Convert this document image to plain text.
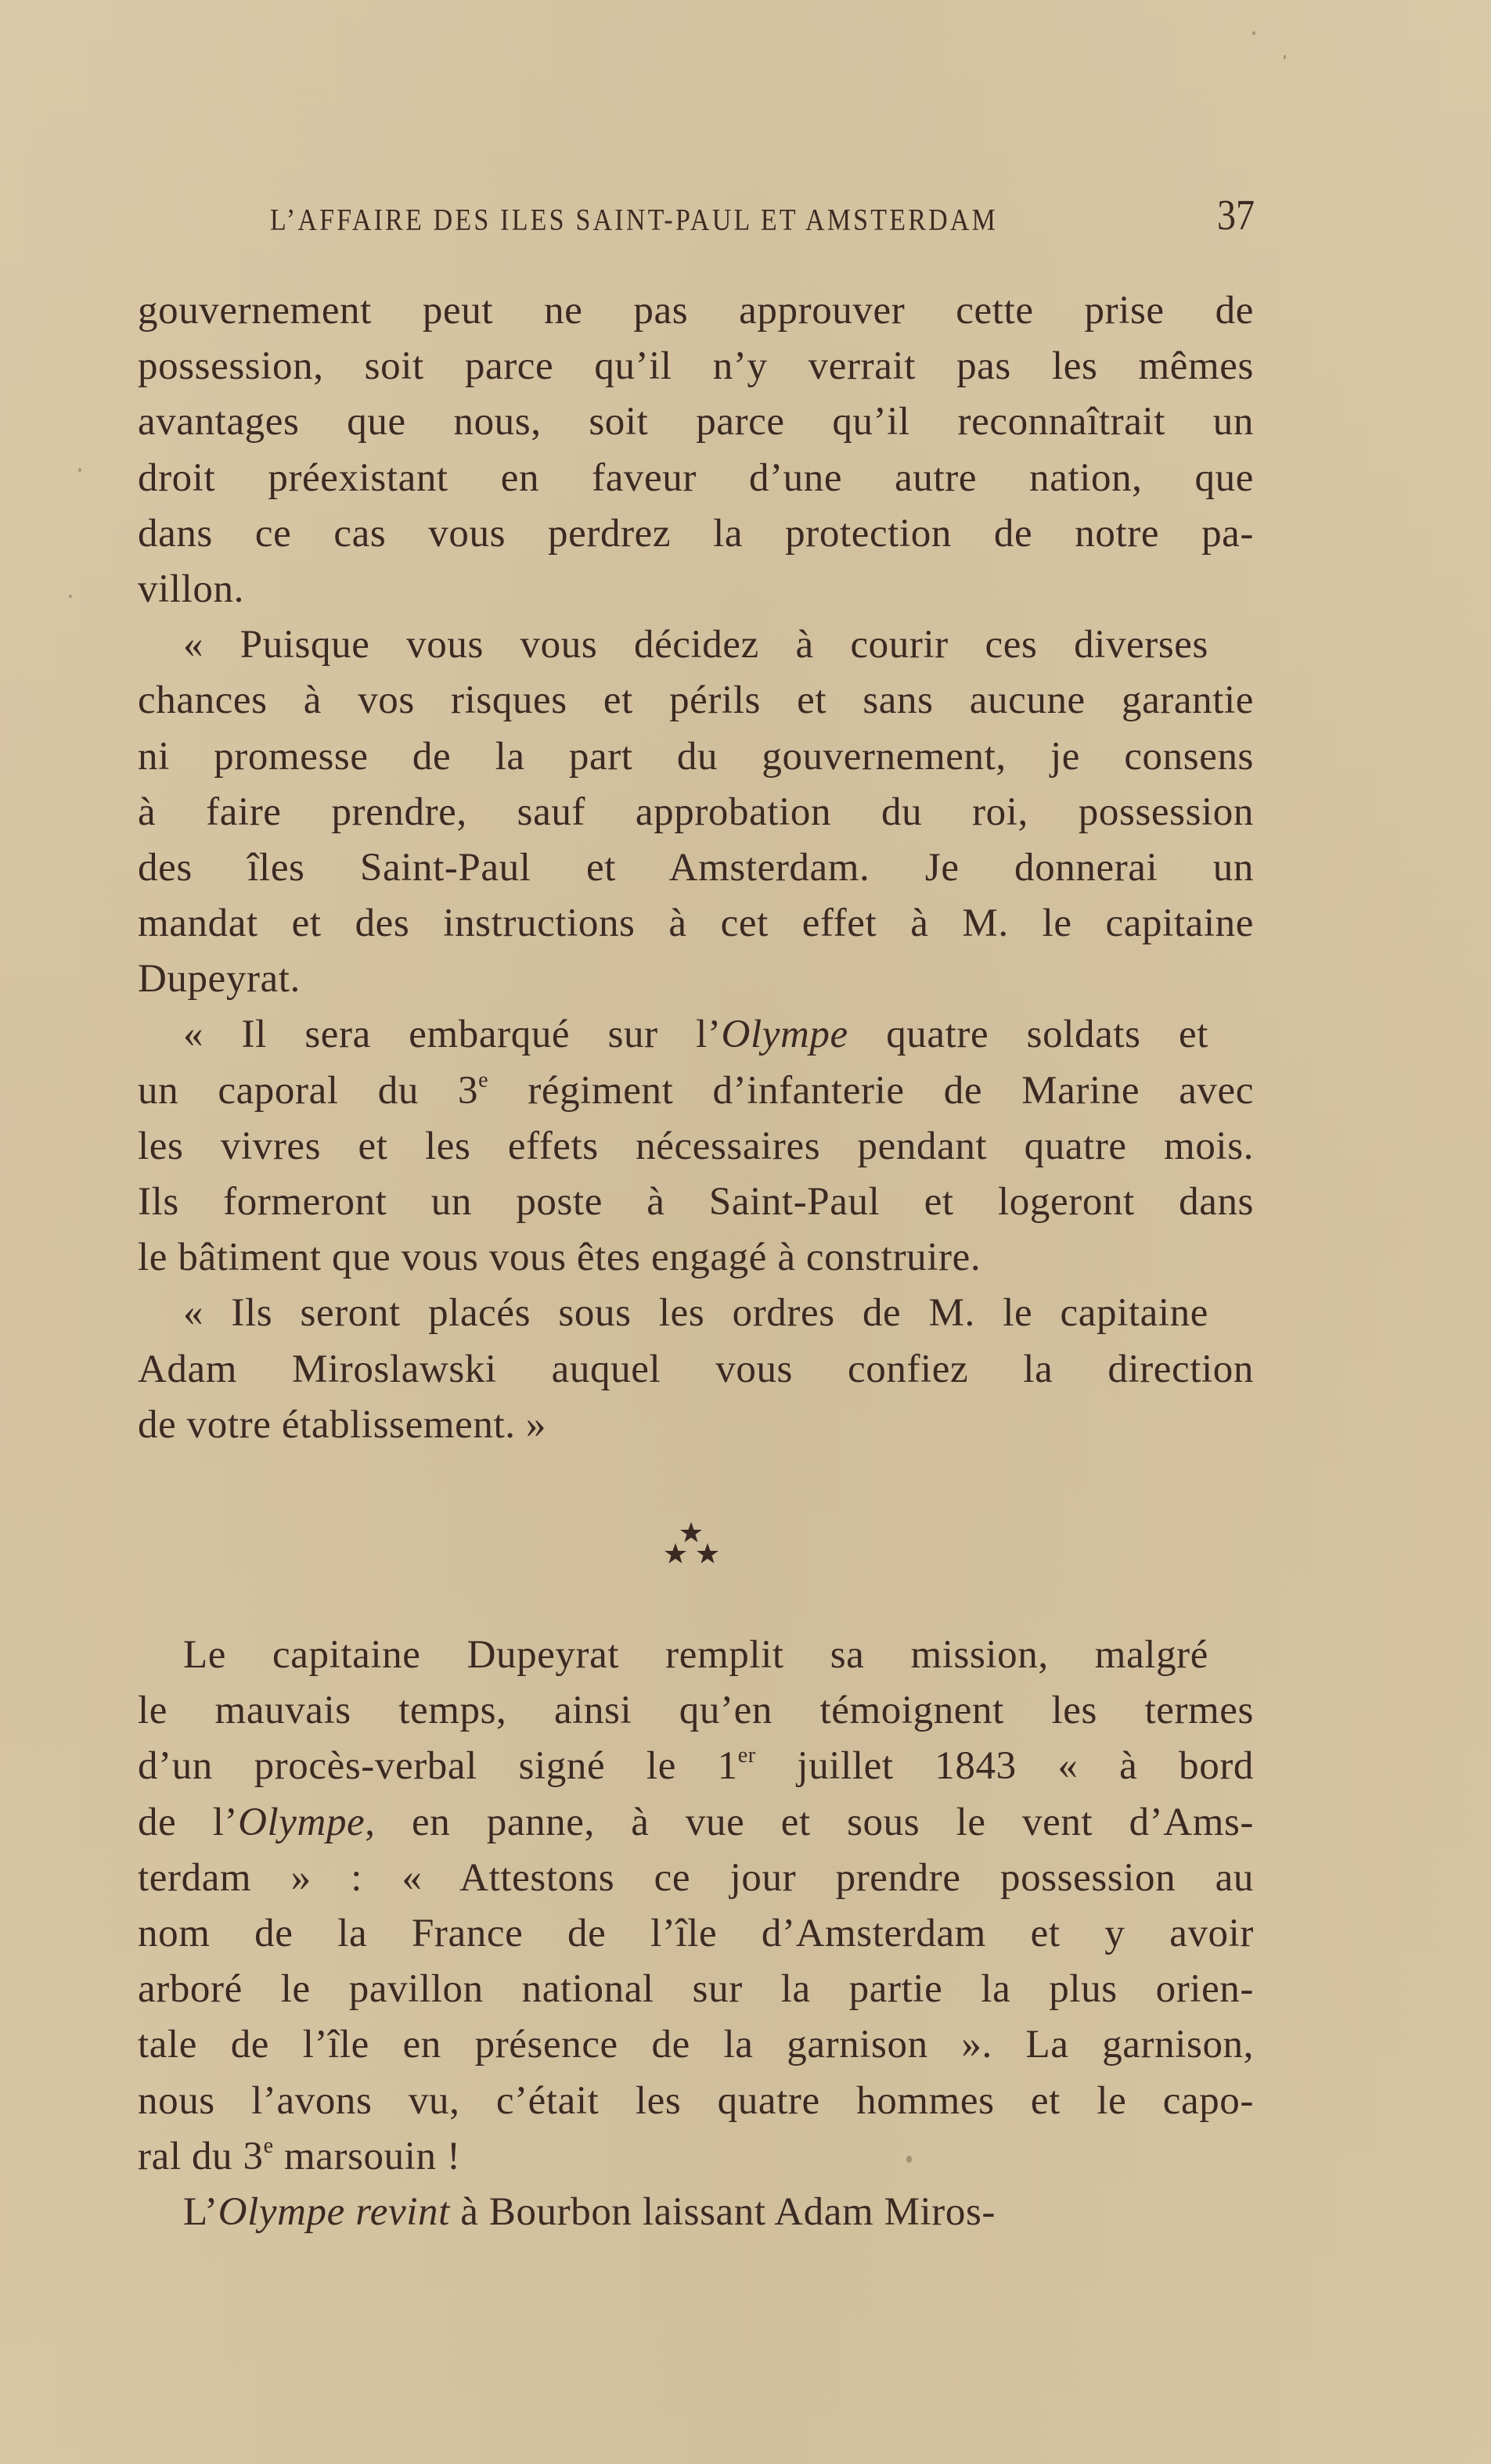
L’AFFAIRE DES ILES SAINT-PAUL ET AMSTERDAM	37
gouvernement peut ne pas approuver cette prise de
possession, soit parce qu’il n’y verrait pas les mêmes
avantages que nous, soit parce qu’il reconnaîtrait un
droit préexistant en faveur d’une autre nation, que
dans ce cas vous perdrez la protection de notre pa-
villon.
« Puisque vous vous décidez à courir ces diverses
chances à vos risques et périls et sans aucune garantie
ni promesse de la part du gouvernement, je consens
à faire prendre, sauf approbation du roi, possession
des îles Saint-Paul et Amsterdam. Je donnerai un
mandat et des instructions à cet effet à M. le capitaine
Dupeyrat.
« Il sera embarqué sur l’Olympe quatre soldats et
un caporal du 3e régiment d’infanterie de Marine avec
les vivres et les effets nécessaires pendant quatre mois.
Ils formeront un poste à Saint-Paul et logeront dans
le bâtiment que vous vous êtes engagé à construire.
« Ils seront placés sous les ordres de M. le capitaine
Adam Miroslawski auquel vous confiez la direction
de votre établissement. »
Le capitaine Dupeyrat remplit sa mission, malgré
le mauvais temps, ainsi qu’en témoignent les termes
d’un procès-verbal signé le 1er juillet 1843 « à bord
de l’Olympe, en panne, à vue et sous le vent d’Ams-
terdam » : « Attestons ce jour prendre possession au
nom de la France de l’île d’Amsterdam et y avoir
arboré le pavillon national sur la partie la plus orien-
tale de l’île en présence de la garnison ». La garnison,
nous l’avons vu, c’était les quatre hommes et le capo-
ral du 3e marsouin !
L’Olympe revint à Bourbon laissant Adam Miros-
